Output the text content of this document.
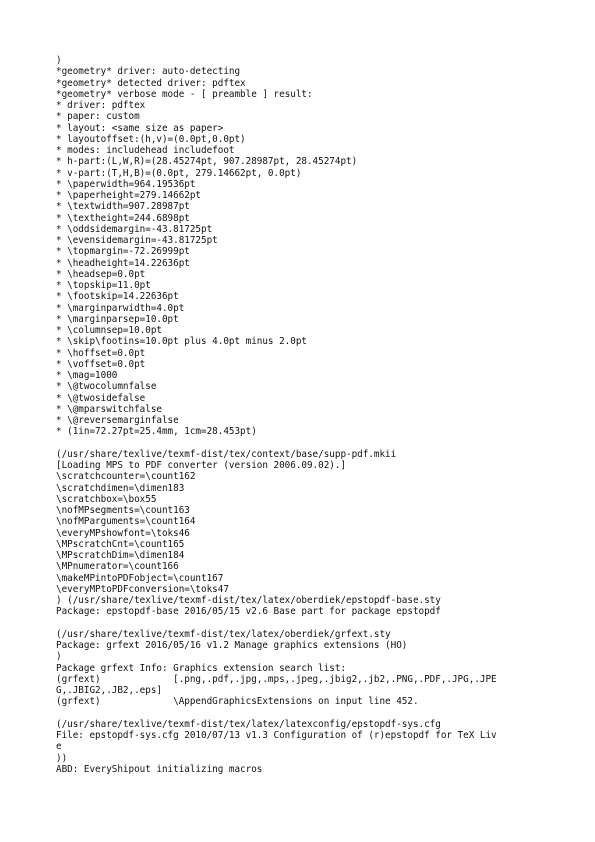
)
*geometry* driver: auto-detecting
*geometry* detected driver: pdftex
*geometry* verbose mode - [ preamble ] result:
* driver: pdftex
* paper: custom
* layout: <same size as paper>
* layoutoffset:(h,v)=(0.0pt,0.0pt)
* modes: includehead includefoot
* h-part:(L,W,R)=(28.45274pt, 907.28987pt, 28.45274pt)
* v-part:(T,H,B)=(0.0pt, 279.14662pt, 0.0pt)
* \paperwidth=964.19536pt
* \paperheight=279.14662pt
* \textwidth=907.28987pt
* \textheight=244.6898pt
* \oddsidemargin=-43.81725pt
* \evensidemargin=-43.81725pt
* \topmargin=-72.26999pt
* \headheight=14.22636pt
* \headsep=0.0pt
* \topskip=11.0pt
* \footskip=14.22636pt
* \marginparwidth=4.0pt
* \marginparsep=10.0pt
* \columnsep=10.0pt
* \skip\footins=10.0pt plus 4.0pt minus 2.0pt
* \hoffset=0.0pt
* \voffset=0.0pt
* \mag=1000
* \@twocolumnfalse
* \@twosidefalse
* \@mparswitchfalse
* \@reversemarginfalse
* (1in=72.27pt=25.4mm, 1cm=28.453pt)
(/usr/share/texlive/texmf-dist/tex/context/base/supp-pdf.mkii
[Loading MPS to PDF converter (version 2006.09.02).]
\scratchcounter=\count162
\scratchdimen=\dimen183
\scratchbox=\box55
\nofMPsegments=\count163
\nofMParguments=\count164
\everyMPshowfont=\toks46
\MPscratchCnt=\count165
\MPscratchDim=\dimen184
\MPnumerator=\count166
\makeMPintoPDFobject=\count167
\everyMPtoPDFconversion=\toks47
) (/usr/share/texlive/texmf-dist/tex/latex/oberdiek/epstopdf-base.sty
Package: epstopdf-base 2016/05/15 v2.6 Base part for package epstopdf
(/usr/share/texlive/texmf-dist/tex/latex/oberdiek/grfext.sty
Package: grfext 2016/05/16 v1.2 Manage graphics extensions (HO)
)
Package grfext Info: Graphics extension search list:
(grfext)             [.png,.pdf,.jpg,.mps,.jpeg,.jbig2,.jb2,.PNG,.PDF,.JPG,.JPE
G,.JBIG2,.JB2,.eps]
(grfext)             \AppendGraphicsExtensions on input line 452.
(/usr/share/texlive/texmf-dist/tex/latex/latexconfig/epstopdf-sys.cfg
File: epstopdf-sys.cfg 2010/07/13 v1.3 Configuration of (r)epstopdf for TeX Liv
e
))
ABD: EveryShipout initializing macros
